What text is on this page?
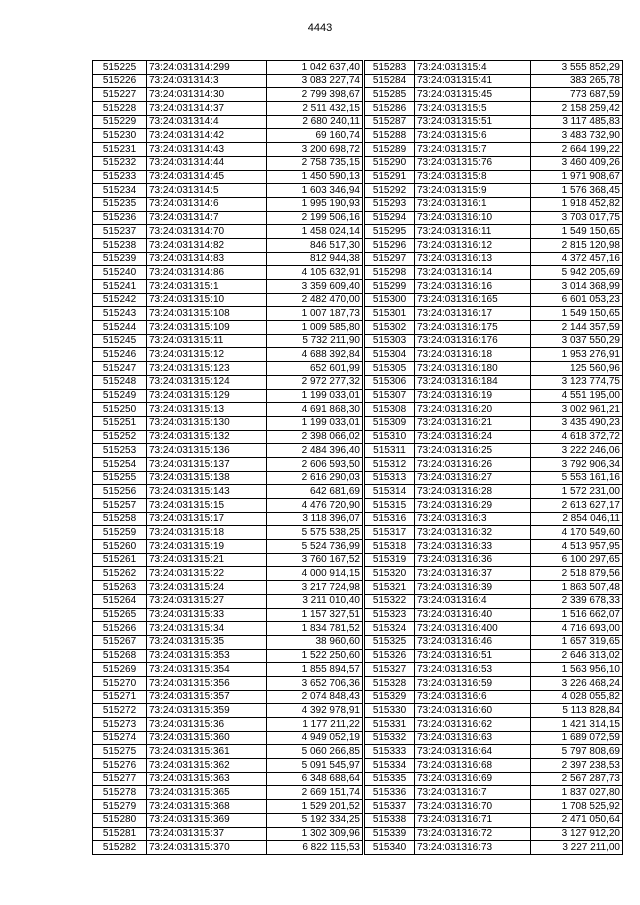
4443
515225	73:24:031314:299	1 042 637,40
515226	73:24:031314:3	3 083 227,74
515227	73:24:031314:30	2 799 398,67
515228	73:24:031314:37	2 511 432,15
515229	73:24:031314:4	2 680 240,11
515230	73:24:031314:42	69 160,74
515231	73:24:031314:43	3 200 698,72
515232	73:24:031314:44	2 758 735,15
515233	73:24:031314:45	1 450 590,13
515234	73:24:031314:5	1 603 346,94
515235	73:24:031314:6	1 995 190,93
515236	73:24:031314:7	2 199 506,16
515237	73:24:031314:70	1 458 024,14
515238	73:24:031314:82	846 517,30
515239	73:24:031314:83	812 944,38
515240	73:24:031314:86	4 105 632,91
515241	73:24:031315:1	3 359 609,40
515242	73:24:031315:10	2 482 470,00
515243	73:24:031315:108	1 007 187,73
515244	73:24:031315:109	1 009 585,80
515245	73:24:031315:11	5 732 211,90
515246	73:24:031315:12	4 688 392,84
515247	73:24:031315:123	652 601,99
515248	73:24:031315:124	2 972 277,32
515249	73:24:031315:129	1 199 033,01
515250	73:24:031315:13	4 691 868,30
515251	73:24:031315:130	1 199 033,01
515252	73:24:031315:132	2 398 066,02
515253	73:24:031315:136	2 484 396,40
515254	73:24:031315:137	2 606 593,50
515255	73:24:031315:138	2 616 290,03
515256	73:24:031315:143	642 681,69
515257	73:24:031315:15	4 476 720,90
515258	73:24:031315:17	3 118 396,07
515259	73:24:031315:18	5 575 538,25
515260	73:24:031315:19	5 524 736,99
515261	73:24:031315:21	3 760 167,52
515262	73:24:031315:22	4 000 914,15
515263	73:24:031315:24	3 217 724,98
515264	73:24:031315:27	3 211 010,40
515265	73:24:031315:33	1 157 327,51
515266	73:24:031315:34	1 834 781,52
515267	73:24:031315:35	38 960,60
515268	73:24:031315:353	1 522 250,60
515269	73:24:031315:354	1 855 894,57
515270	73:24:031315:356	3 652 706,36
515271	73:24:031315:357	2 074 848,43
515272	73:24:031315:359	4 392 978,91
515273	73:24:031315:36	1 177 211,22
515274	73:24:031315:360	4 949 052,19
515275	73:24:031315:361	5 060 266,85
515276	73:24:031315:362	5 091 545,97
515277	73:24:031315:363	6 348 688,64
515278	73:24:031315:365	2 669 151,74
515279	73:24:031315:368	1 529 201,52
515280	73:24:031315:369	5 192 334,25
515281	73:24:031315:37	1 302 309,96
515282	73:24:031315:370	6 822 115,53
515283	73:24:031315:4	3 555 852,29
515284	73:24:031315:41	383 265,78
515285	73:24:031315:45	773 687,59
515286	73:24:031315:5	2 158 259,42
515287	73:24:031315:51	3 117 485,83
515288	73:24:031315:6	3 483 732,90
515289	73:24:031315:7	2 664 199,22
515290	73:24:031315:76	3 460 409,26
515291	73:24:031315:8	1 971 908,67
515292	73:24:031315:9	1 576 368,45
515293	73:24:031316:1	1 918 452,82
515294	73:24:031316:10	3 703 017,75
515295	73:24:031316:11	1 549 150,65
515296	73:24:031316:12	2 815 120,98
515297	73:24:031316:13	4 372 457,16
515298	73:24:031316:14	5 942 205,69
515299	73:24:031316:16	3 014 368,99
515300	73:24:031316:165	6 601 053,23
515301	73:24:031316:17	1 549 150,65
515302	73:24:031316:175	2 144 357,59
515303	73:24:031316:176	3 037 550,29
515304	73:24:031316:18	1 953 276,91
515305	73:24:031316:180	125 560,96
515306	73:24:031316:184	3 123 774,75
515307	73:24:031316:19	4 551 195,00
515308	73:24:031316:20	3 002 961,21
515309	73:24:031316:21	3 435 490,23
515310	73:24:031316:24	4 618 372,72
515311	73:24:031316:25	3 222 246,06
515312	73:24:031316:26	3 792 906,34
515313	73:24:031316:27	5 553 161,16
515314	73:24:031316:28	1 572 231,00
515315	73:24:031316:29	2 613 627,17
515316	73:24:031316:3	2 854 046,11
515317	73:24:031316:32	4 170 549,60
515318	73:24:031316:33	4 513 957,95
515319	73:24:031316:36	6 100 297,65
515320	73:24:031316:37	2 518 879,56
515321	73:24:031316:39	1 863 507,48
515322	73:24:031316:4	2 339 678,33
515323	73:24:031316:40	1 516 662,07
515324	73:24:031316:400	4 716 693,00
515325	73:24:031316:46	1 657 319,65
515326	73:24:031316:51	2 646 313,02
515327	73:24:031316:53	1 563 956,10
515328	73:24:031316:59	3 226 468,24
515329	73:24:031316:6	4 028 055,82
515330	73:24:031316:60	5 113 828,84
515331	73:24:031316:62	1 421 314,15
515332	73:24:031316:63	1 689 072,59
515333	73:24:031316:64	5 797 808,69
515334	73:24:031316:68	2 397 238,53
515335	73:24:031316:69	2 567 287,73
515336	73:24:031316:7	1 837 027,80
515337	73:24:031316:70	1 708 525,92
515338	73:24:031316:71	2 471 050,64
515339	73:24:031316:72	3 127 912,20
515340	73:24:031316:73	3 227 211,00
